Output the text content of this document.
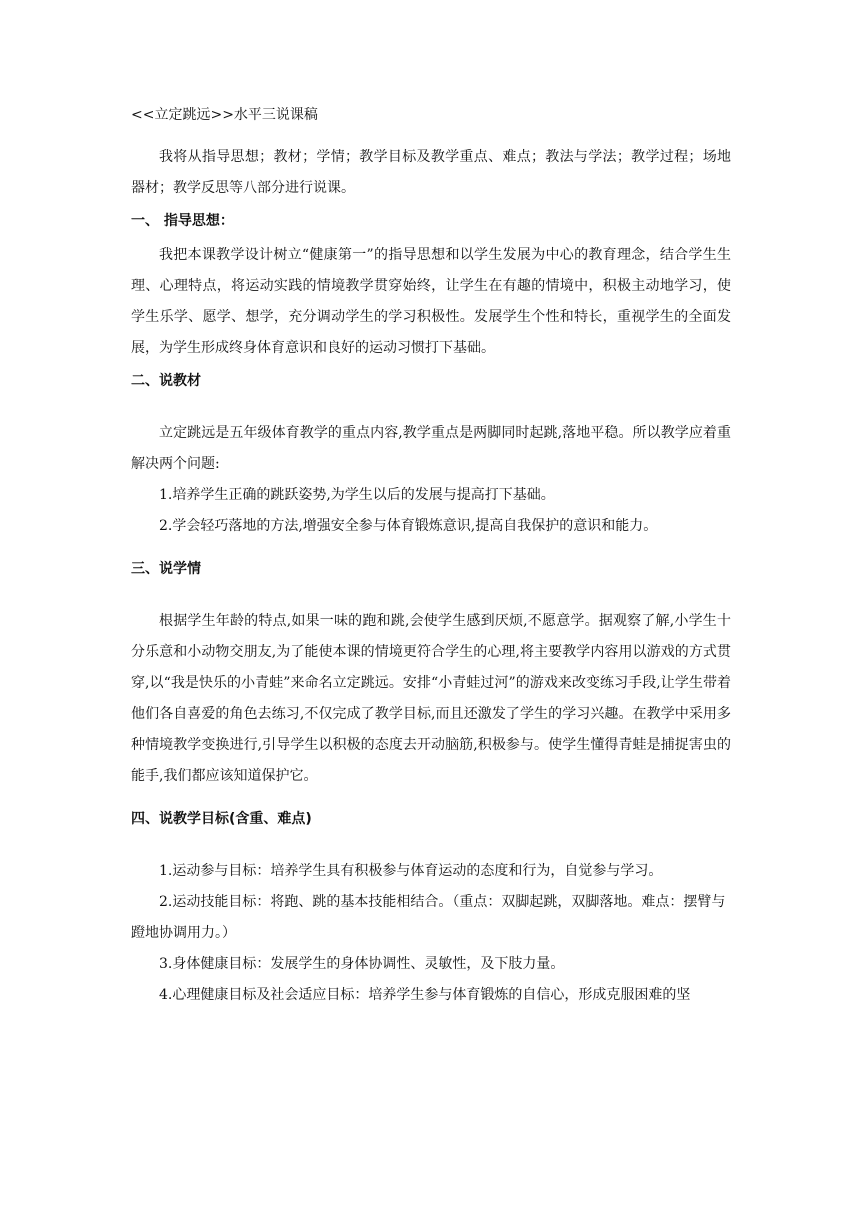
<<立定跳远>>水平三说课稿

我将从指导思想；教材；学情；教学目标及教学重点、难点；教法与学法；教学过程；场地器材；教学反思等八部分进行说课。

一、 指导思想：

我把本课教学设计树立“健康第一”的指导思想和以学生发展为中心的教育理念，结合学生生理、心理特点，将运动实践的情境教学贯穿始终，让学生在有趣的情境中，积极主动地学习，使学生乐学、愿学、想学，充分调动学生的学习积极性。发展学生个性和特长，重视学生的全面发展，为学生形成终身体育意识和良好的运动习惯打下基础。

二、说教材

立定跳远是五年级体育教学的重点内容,教学重点是两脚同时起跳,落地平稳。所以教学应着重解决两个问题:

1.培养学生正确的跳跃姿势,为学生以后的发展与提高打下基础。

2.学会轻巧落地的方法,增强安全参与体育锻炼意识,提高自我保护的意识和能力。

三、说学情

根据学生年龄的特点,如果一味的跑和跳,会使学生感到厌烦,不愿意学。据观察了解,小学生十分乐意和小动物交朋友,为了能使本课的情境更符合学生的心理,将主要教学内容用以游戏的方式贯穿,以“我是快乐的小青蛙”来命名立定跳远。安排“小青蛙过河”的游戏来改变练习手段,让学生带着他们各自喜爱的角色去练习,不仅完成了教学目标,而且还激发了学生的学习兴趣。在教学中采用多种情境教学变换进行,引导学生以积极的态度去开动脑筋,积极参与。使学生懂得青蛙是捕捉害虫的能手,我们都应该知道保护它。

四、说教学目标(含重、难点)

1.运动参与目标：培养学生具有积极参与体育运动的态度和行为，自觉参与学习。

2.运动技能目标：将跑、跳的基本技能相结合。（重点：双脚起跳，双脚落地。难点：摆臂与蹬地协调用力。）

3.身体健康目标：发展学生的身体协调性、灵敏性，及下肢力量。

4.心理健康目标及社会适应目标：培养学生参与体育锻炼的自信心，形成克服困难的坚
